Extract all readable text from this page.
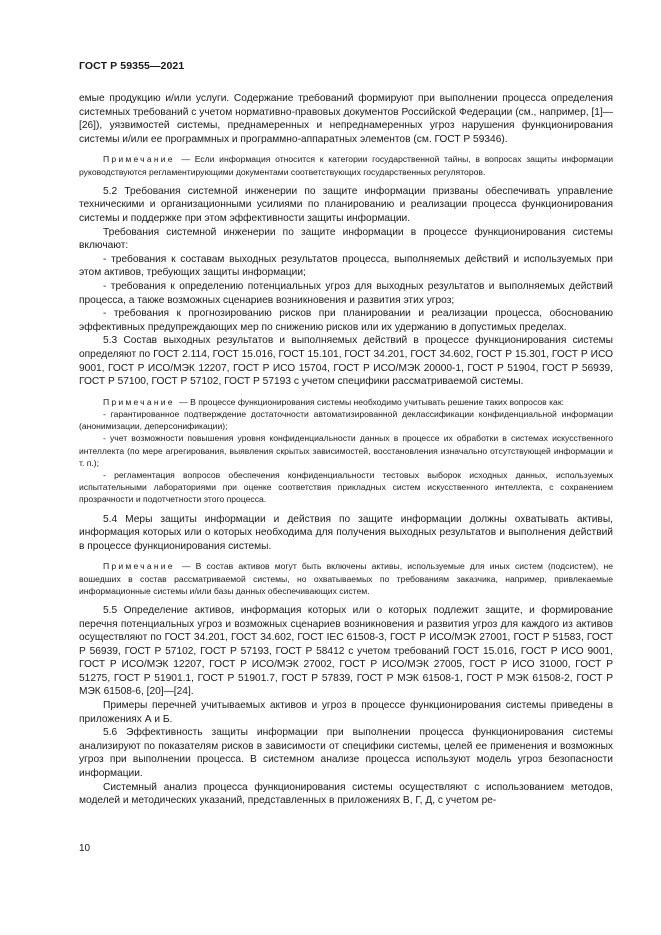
ГОСТ Р 59355—2021

емые продукцию и/или услуги. Содержание требований формируют при выполнении процесса определения системных требований с учетом нормативно-правовых документов Российской Федерации (см., например, [1]—[26]), уязвимостей системы, преднамеренных и непреднамеренных угроз нарушения функционирования системы и/или ее программных и программно-аппаратных элементов (см. ГОСТ Р 59346).

Примечание — Если информация относится к категории государственной тайны, в вопросах защиты информации руководствуются регламентирующими документами соответствующих государственных регуляторов.

5.2 Требования системной инженерии по защите информации призваны обеспечивать управление техническими и организационными усилиями по планированию и реализации процесса функционирования системы и поддержке при этом эффективности защиты информации.

Требования системной инженерии по защите информации в процессе функционирования системы включают:

- требования к составам выходных результатов процесса, выполняемых действий и используемых при этом активов, требующих защиты информации;

- требования к определению потенциальных угроз для выходных результатов и выполняемых действий процесса, а также возможных сценариев возникновения и развития этих угроз;

- требования к прогнозированию рисков при планировании и реализации процесса, обоснованию эффективных предупреждающих мер по снижению рисков или их удержанию в допустимых пределах.

5.3 Состав выходных результатов и выполняемых действий в процессе функционирования системы определяют по ГОСТ 2.114, ГОСТ 15.016, ГОСТ 15.101, ГОСТ 34.201, ГОСТ 34.602, ГОСТ Р 15.301, ГОСТ Р ИСО 9001, ГОСТ Р ИСО/МЭК 12207, ГОСТ Р ИСО 15704, ГОСТ Р ИСО/МЭК 20000-1, ГОСТ Р 51904, ГОСТ Р 56939, ГОСТ Р 57100, ГОСТ Р 57102, ГОСТ Р 57193 с учетом специфики рассматриваемой системы.

Примечание — В процессе функционирования системы необходимо учитывать решение таких вопросов как:

- гарантированное подтверждение достаточности автоматизированной деклассификации конфиденциальной информации (анонимизации, деперсонификации);

- учет возможности повышения уровня конфиденциальности данных в процессе их обработки в системах искусственного интеллекта (по мере агрегирования, выявления скрытых зависимостей, восстановления изначально отсутствующей информации и т. п.);

- регламентация вопросов обеспечения конфиденциальности тестовых выборок исходных данных, используемых испытательными лабораториями при оценке соответствия прикладных систем искусственного интеллекта, с сохранением прозрачности и подотчетности этого процесса.

5.4 Меры защиты информации и действия по защите информации должны охватывать активы, информация которых или о которых необходима для получения выходных результатов и выполнения действий в процессе функционирования системы.

Примечание — В состав активов могут быть включены активы, используемые для иных систем (подсистем), не вошедших в состав рассматриваемой системы, но охватываемых по требованиям заказчика, например, привлекаемые информационные системы и/или базы данных обеспечивающих систем.

5.5 Определение активов, информация которых или о которых подлежит защите, и формирование перечня потенциальных угроз и возможных сценариев возникновения и развития угроз для каждого из активов осуществляют по ГОСТ 34.201, ГОСТ 34.602, ГОСТ IEC 61508-3, ГОСТ Р ИСО/МЭК 27001, ГОСТ Р 51583, ГОСТ Р 56939, ГОСТ Р 57102, ГОСТ Р 57193, ГОСТ Р 58412 с учетом требований ГОСТ 15.016, ГОСТ Р ИСО 9001, ГОСТ Р ИСО/МЭК 12207, ГОСТ Р ИСО/МЭК 27002, ГОСТ Р ИСО/МЭК 27005, ГОСТ Р ИСО 31000, ГОСТ Р 51275, ГОСТ Р 51901.1, ГОСТ Р 51901.7, ГОСТ Р 57839, ГОСТ Р МЭК 61508-1, ГОСТ Р МЭК 61508-2, ГОСТ Р МЭК 61508-6, [20]—[24].

Примеры перечней учитываемых активов и угроз в процессе функционирования системы приведены в приложениях А и Б.

5.6 Эффективность защиты информации при выполнении процесса функционирования системы анализируют по показателям рисков в зависимости от специфики системы, целей ее применения и возможных угроз при выполнении процесса. В системном анализе процесса используют модель угроз безопасности информации.

Системный анализ процесса функционирования системы осуществляют с использованием методов, моделей и методических указаний, представленных в приложениях В, Г, Д, с учетом ре-

10
